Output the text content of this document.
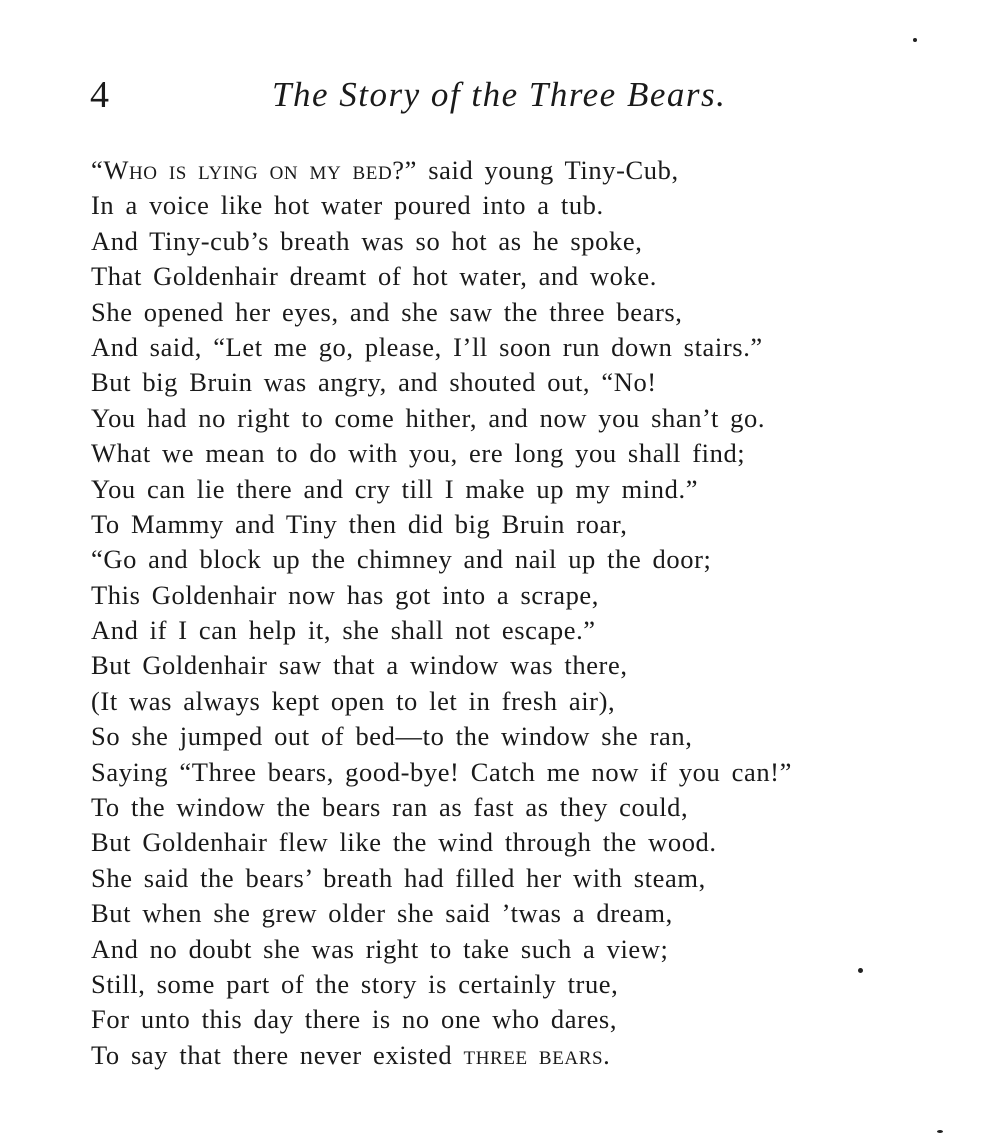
4	The Story of the Three Bears.
“Who is lying on my bed?” said young Tiny-Cub,
In a voice like hot water poured into a tub.
And Tiny-cub’s breath was so hot as he spoke,
That Goldenhair dreamt of hot water, and woke.
She opened her eyes, and she saw the three bears,
And said, “Let me go, please, I’ll soon run down stairs.”
But big Bruin was angry, and shouted out, “No!
You had no right to come hither, and now you shan’t go.
What we mean to do with you, ere long you shall find;
You can lie there and cry till I make up my mind.”
To Mammy and Tiny then did big Bruin roar,
“Go and block up the chimney and nail up the door;
This Goldenhair now has got into a scrape,
And if I can help it, she shall not escape.”
But Goldenhair saw that a window was there,
(It was always kept open to let in fresh air),
So she jumped out of bed—to the window she ran,
Saying “Three bears, good-bye! Catch me now if you can!”
To the window the bears ran as fast as they could,
But Goldenhair flew like the wind through the wood.
She said the bears’ breath had filled her with steam,
But when she grew older she said ’twas a dream,
And no doubt she was right to take such a view;
Still, some part of the story is certainly true,
For unto this day there is no one who dares,
To say that there never existed three bears.
